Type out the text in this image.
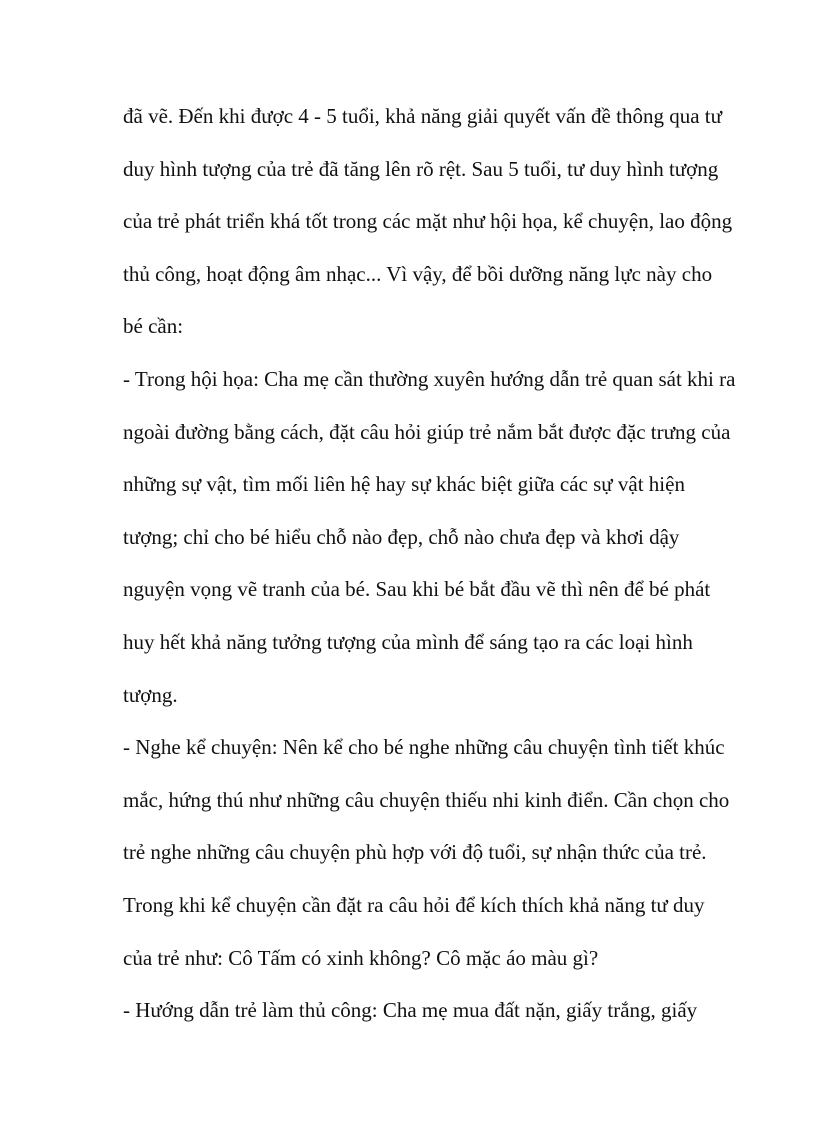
đã vẽ. Đến khi được 4 - 5 tuổi, khả năng giải quyết vấn đề thông qua tư
duy hình tượng của trẻ đã tăng lên rõ rệt. Sau 5 tuổi, tư duy hình tượng
của trẻ phát triển khá tốt trong các mặt như hội họa, kể chuyện, lao động
thủ công, hoạt động âm nhạc... Vì vậy, để bồi dưỡng năng lực này cho
bé cần:
- Trong hội họa: Cha mẹ cần thường xuyên hướng dẫn trẻ quan sát khi ra
ngoài đường bằng cách, đặt câu hỏi giúp trẻ nắm bắt được đặc trưng của
những sự vật, tìm mối liên hệ hay sự khác biệt giữa các sự vật hiện
tượng; chỉ cho bé hiểu chỗ nào đẹp, chỗ nào chưa đẹp và khơi dậy
nguyện vọng vẽ tranh của bé. Sau khi bé bắt đầu vẽ thì nên để bé phát
huy hết khả năng tưởng tượng của mình để sáng tạo ra các loại hình
tượng.
- Nghe kể chuyện: Nên kể cho bé nghe những câu chuyện tình tiết khúc
mắc, hứng thú như những câu chuyện thiếu nhi kinh điển. Cần chọn cho
trẻ nghe những câu chuyện phù hợp với độ tuổi, sự nhận thức của trẻ.
Trong khi kể chuyện cần đặt ra câu hỏi để kích thích khả năng tư duy
của trẻ như: Cô Tấm có xinh không? Cô mặc áo màu gì?
- Hướng dẫn trẻ làm thủ công: Cha mẹ mua đất nặn, giấy trắng, giấy
